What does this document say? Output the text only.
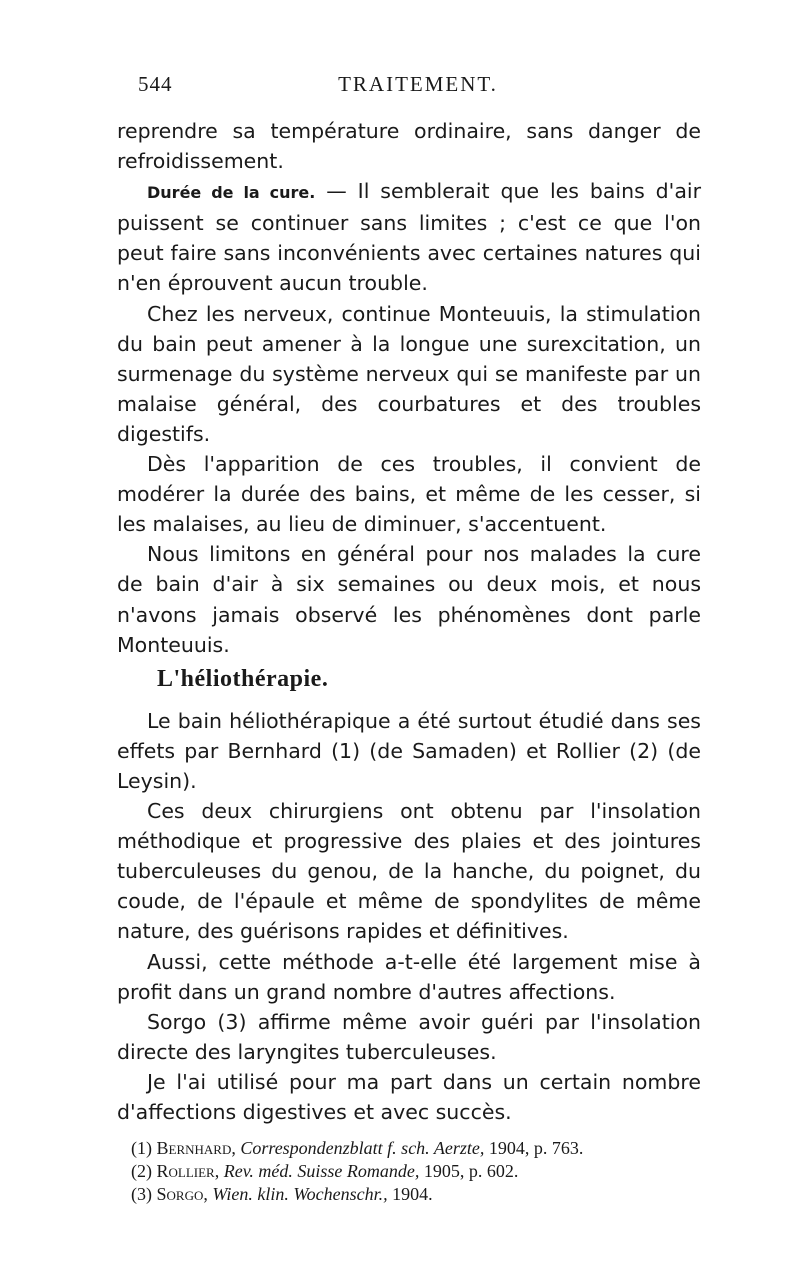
544	TRAITEMENT.

reprendre sa température ordinaire, sans danger de refroidissement.

Durée de la cure. — Il semblerait que les bains d'air puissent se continuer sans limites ; c'est ce que l'on peut faire sans inconvénients avec certaines natures qui n'en éprouvent aucun trouble.

Chez les nerveux, continue Monteuuis, la stimulation du bain peut amener à la longue une surexcitation, un surmenage du système nerveux qui se manifeste par un malaise général, des courbatures et des troubles digestifs.

Dès l'apparition de ces troubles, il convient de modérer la durée des bains, et même de les cesser, si les malaises, au lieu de diminuer, s'accentuent.

Nous limitons en général pour nos malades la cure de bain d'air à six semaines ou deux mois, et nous n'avons jamais observé les phénomènes dont parle Monteuuis.

L'héliothérapie.

Le bain héliothérapique a été surtout étudié dans ses effets par Bernhard (1) (de Samaden) et Rollier (2) (de Leysin).

Ces deux chirurgiens ont obtenu par l'insolation méthodique et progressive des plaies et des jointures tuberculeuses du genou, de la hanche, du poignet, du coude, de l'épaule et même de spondylites de même nature, des guérisons rapides et définitives.

Aussi, cette méthode a-t-elle été largement mise à profit dans un grand nombre d'autres affections.

Sorgo (3) affirme même avoir guéri par l'insolation directe des laryngites tuberculeuses.

Je l'ai utilisé pour ma part dans un certain nombre d'affections digestives et avec succès.

(1) Bernhard, Correspondenzblatt f. sch. Aerzte, 1904, p. 763.

(2) Rollier, Rev. méd. Suisse Romande, 1905, p. 602.

(3) Sorgo, Wien. klin. Wochenschr., 1904.
